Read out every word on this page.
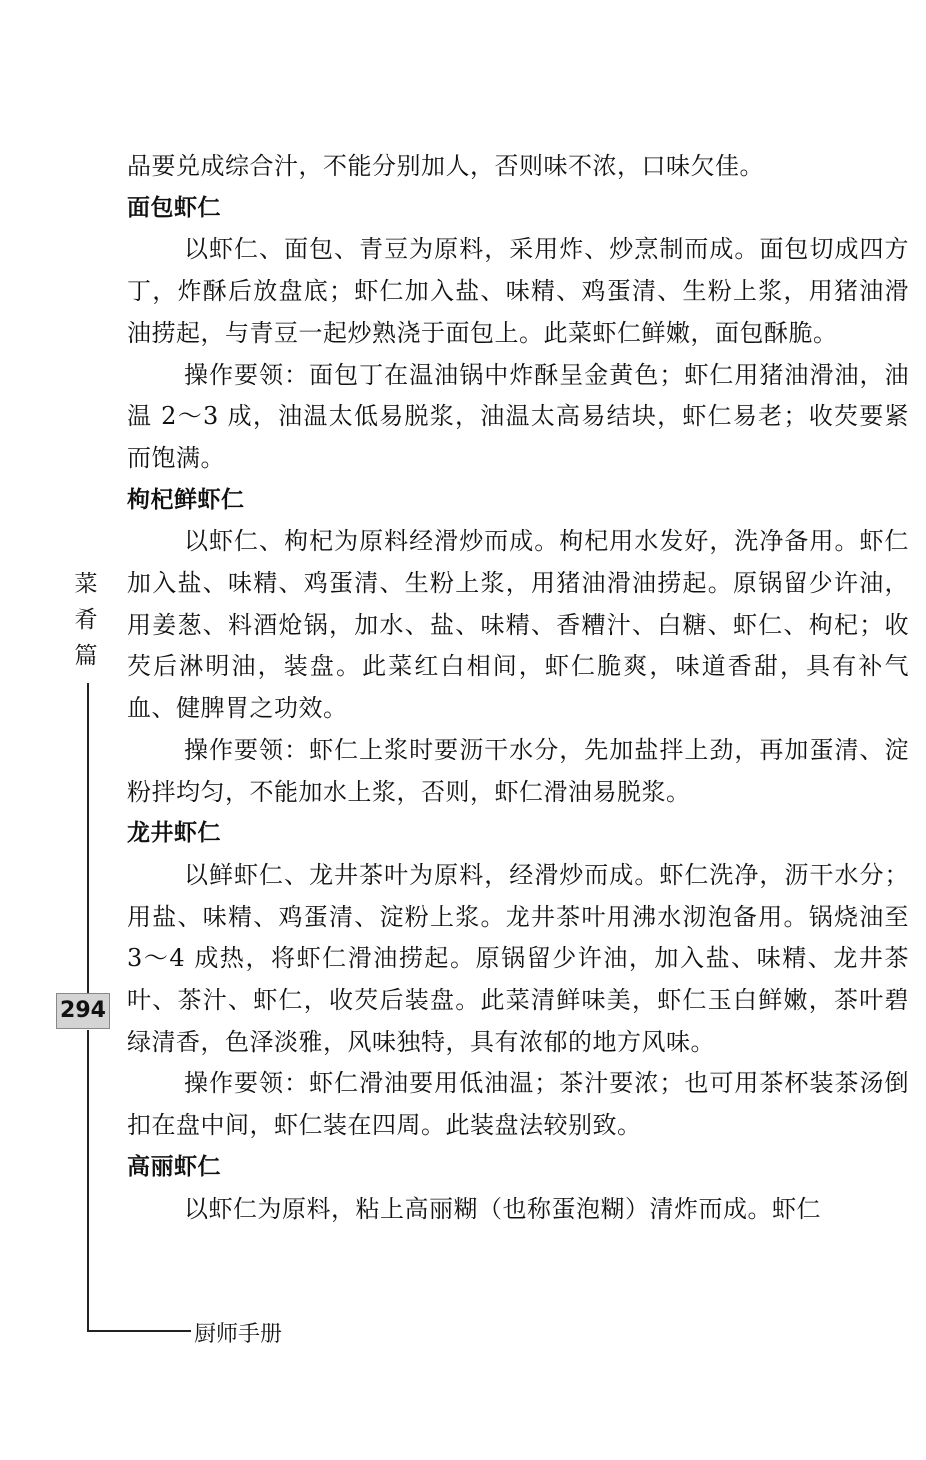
菜
肴
篇
294
厨师手册

品要兑成综合汁，不能分别加人，否则味不浓，口味欠佳。

面包虾仁

以虾仁、面包、青豆为原料，采用炸、炒烹制而成。面包切成四方丁，炸酥后放盘底；虾仁加入盐、味精、鸡蛋清、生粉上浆，用猪油滑油捞起，与青豆一起炒熟浇于面包上。此菜虾仁鲜嫩，面包酥脆。

操作要领：面包丁在温油锅中炸酥呈金黄色；虾仁用猪油滑油，油温 2～3 成，油温太低易脱浆，油温太高易结块，虾仁易老；收芡要紧而饱满。

枸杞鲜虾仁

以虾仁、枸杞为原料经滑炒而成。枸杞用水发好，洗净备用。虾仁加入盐、味精、鸡蛋清、生粉上浆，用猪油滑油捞起。原锅留少许油，用姜葱、料酒炝锅，加水、盐、味精、香糟汁、白糖、虾仁、枸杞；收芡后淋明油，装盘。此菜红白相间，虾仁脆爽，味道香甜，具有补气血、健脾胃之功效。

操作要领：虾仁上浆时要沥干水分，先加盐拌上劲，再加蛋清、淀粉拌均匀，不能加水上浆，否则，虾仁滑油易脱浆。

龙井虾仁

以鲜虾仁、龙井茶叶为原料，经滑炒而成。虾仁洗净，沥干水分；用盐、味精、鸡蛋清、淀粉上浆。龙井茶叶用沸水沏泡备用。锅烧油至 3～4 成热，将虾仁滑油捞起。原锅留少许油，加入盐、味精、龙井茶叶、茶汁、虾仁，收芡后装盘。此菜清鲜味美，虾仁玉白鲜嫩，茶叶碧绿清香，色泽淡雅，风味独特，具有浓郁的地方风味。

操作要领：虾仁滑油要用低油温；茶汁要浓；也可用茶杯装茶汤倒扣在盘中间，虾仁装在四周。此装盘法较别致。

高丽虾仁

以虾仁为原料，粘上高丽糊（也称蛋泡糊）清炸而成。虾仁
